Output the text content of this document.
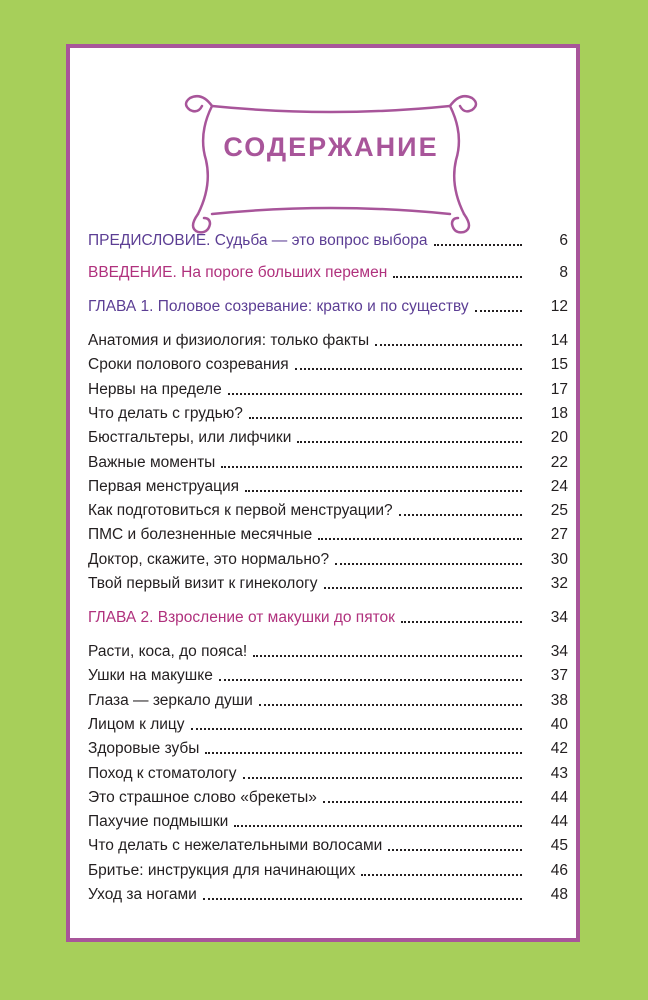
СОДЕРЖАНИЕ
ПРЕДИСЛОВИЕ. Судьба — это вопрос выбора	6
ВВЕДЕНИЕ. На пороге больших перемен	8
ГЛАВА 1. Половое созревание: кратко и по существу	12
Анатомия и физиология: только факты	14
Сроки полового созревания	15
Нервы на пределе	17
Что делать с грудью?	18
Бюстгальтеры, или лифчики	20
Важные моменты	22
Первая менструация	24
Как подготовиться к первой менструации?	25
ПМС и болезненные месячные	27
Доктор, скажите, это нормально?	30
Твой первый визит к гинекологу	32
ГЛАВА 2. Взросление от макушки до пяток	34
Расти, коса, до пояса!	34
Ушки на макушке	37
Глаза — зеркало души	38
Лицом к лицу	40
Здоровые зубы	42
Поход к стоматологу	43
Это страшное слово «брекеты»	44
Пахучие подмышки	44
Что делать с нежелательными волосами	45
Бритье: инструкция для начинающих	46
Уход за ногами	48
